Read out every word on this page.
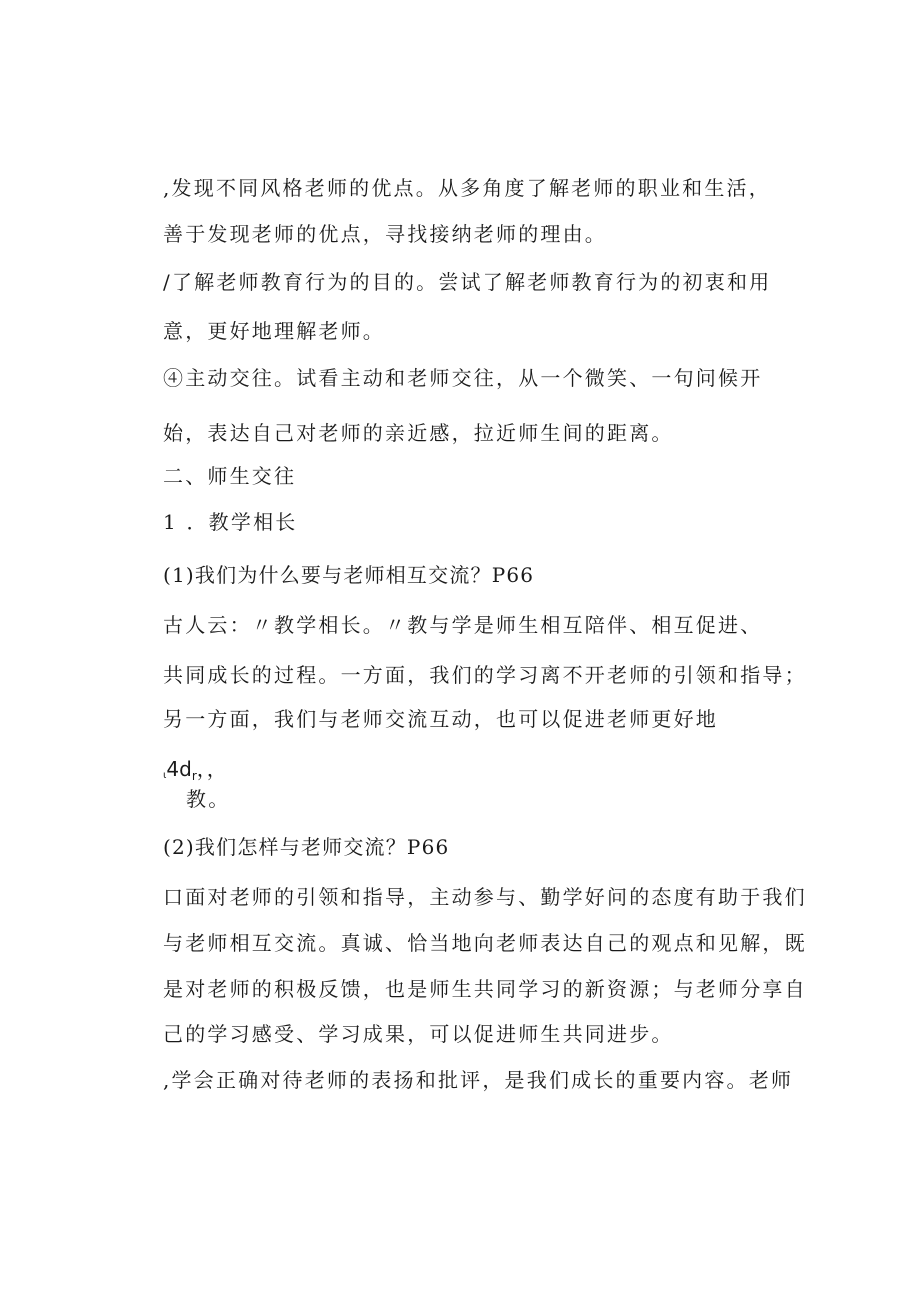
,发现不同风格老师的优点。从多角度了解老师的职业和生活，
善于发现老师的优点，寻找接纳老师的理由。
/了解老师教育行为的目的。尝试了解老师教育行为的初衷和用
意，更好地理解老师。
④主动交往。试看主动和老师交往，从一个微笑、一句问候开
始，表达自己对老师的亲近感，拉近师生间的距离。
二、师生交往
1 ．教学相长
(1)我们为什么要与老师相互交流？P66
古人云：〃教学相长。〃教与学是师生相互陪伴、相互促进、
共同成长的过程。一方面，我们的学习离不开老师的引领和指导；
另一方面，我们与老师交流互动，也可以促进老师更好地
$\iota 4d_r$，，
教。
(2)我们怎样与老师交流？P66
口面对老师的引领和指导，主动参与、勤学好问的态度有助于我们
与老师相互交流。真诚、恰当地向老师表达自己的观点和见解，既
是对老师的积极反馈，也是师生共同学习的新资源；与老师分享自
己的学习感受、学习成果，可以促进师生共同进步。
,学会正确对待老师的表扬和批评，是我们成长的重要内容。老师
